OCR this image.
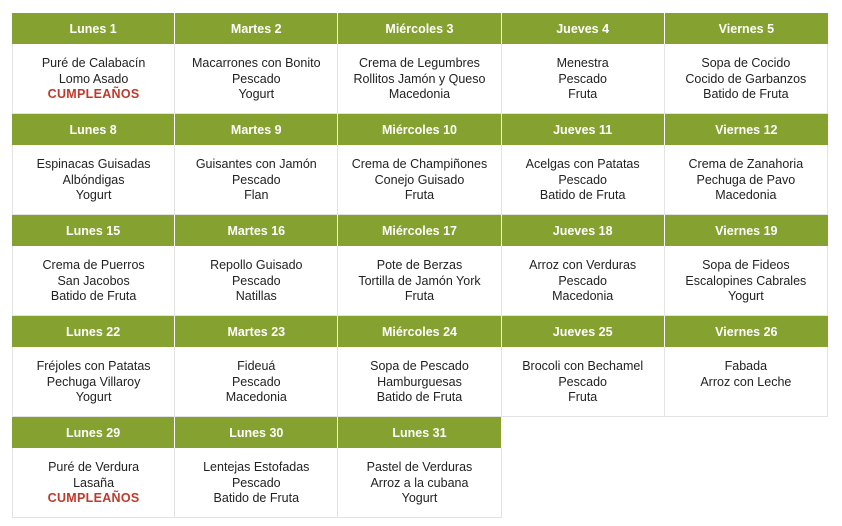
Lunes 1
Puré de Calabacín
Lomo Asado
CUMPLEAÑOS
Martes 2
Macarrones con Bonito
Pescado
Yogurt
Miércoles 3
Crema de Legumbres
Rollitos Jamón y Queso
Macedonia
Jueves 4
Menestra
Pescado
Fruta
Viernes 5
Sopa de Cocido
Cocido de Garbanzos
Batido de Fruta
Lunes 8
Espinacas Guisadas
Albóndigas
Yogurt
Martes 9
Guisantes con Jamón
Pescado
Flan
Miércoles 10
Crema de Champiñones
Conejo Guisado
Fruta
Jueves 11
Acelgas con Patatas
Pescado
Batido de Fruta
Viernes 12
Crema de Zanahoria
Pechuga de Pavo
Macedonia
Lunes 15
Crema de Puerros
San Jacobos
Batido de Fruta
Martes 16
Repollo Guisado
Pescado
Natillas
Miércoles 17
Pote de Berzas
Tortilla de Jamón York
Fruta
Jueves 18
Arroz con Verduras
Pescado
Macedonia
Viernes 19
Sopa de Fideos
Escalopines Cabrales
Yogurt
Lunes 22
Fréjoles con Patatas
Pechuga Villaroy
Yogurt
Martes 23
Fideuá
Pescado
Macedonia
Miércoles 24
Sopa de Pescado
Hamburguesas
Batido de Fruta
Jueves 25
Brocoli con Bechamel
Pescado
Fruta
Viernes 26
Fabada
Arroz con Leche
Lunes 29
Puré de Verdura
Lasaña
CUMPLEAÑOS
Lunes 30
Lentejas Estofadas
Pescado
Batido de Fruta
Lunes 31
Pastel de Verduras
Arroz a la cubana
Yogurt
